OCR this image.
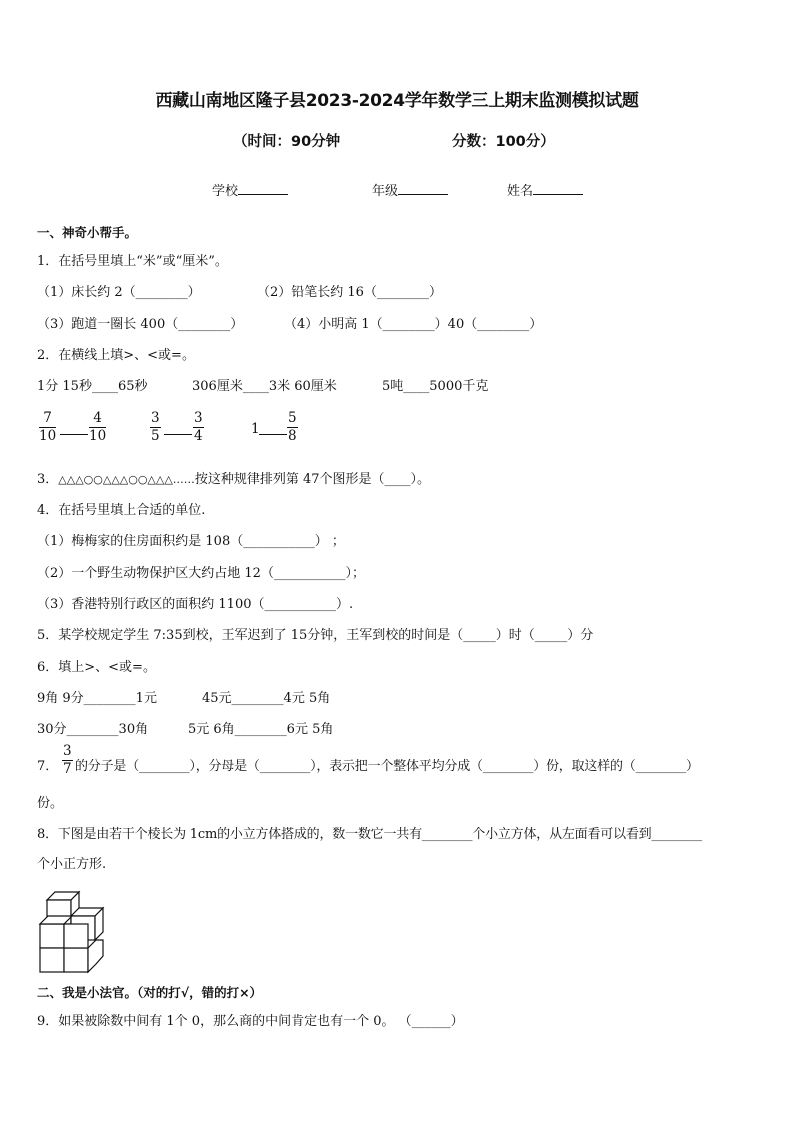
西藏山南地区隆子县2023-2024学年数学三上期末监测模拟试题
（时间：90分钟	分数：100分）
学校	年级	姓名
一、神奇小帮手。
1．在括号里填上“米”或“厘米”。
（1）床长约 2（________）	（2）铅笔长约 16（________）
（3）跑道一圈长 400（________）	（4）小明高 1（________）40（________）
2．在横线上填>、<或=。
1分 15秒____65秒	306厘米____3米 60厘米	5吨____5000千克
$\frac{7}{10} \frac{4}{10}$	$\frac{3}{5} \frac{3}{4}$	$1 \frac{5}{8}$
3．△△△○○△△△○○△△△……按这种规律排列第 47个图形是（____）。
4．在括号里填上合适的单位.
（1）梅梅家的住房面积约是 108（___________） ；
（2）一个野生动物保护区大约占地 12（___________）；
（3）香港特别行政区的面积约 1100（___________）.
5．某学校规定学生 7:35到校，王军迟到了 15分钟，王军到校的时间是（_____）时（_____）分
6．填上>、<或=。
9角 9分________1元	45元________4元 5角
30分________30角	5元 6角________6元 5角
7． $\frac{3}{7}$ 的分子是（________），分母是（________），表示把一个整体平均分成（________）份，取这样的（________）
份。
8．下图是由若干个棱长为 1cm的小立方体搭成的，数一数它一共有________个小立方体，从左面看可以看到________
个小正方形.
二、我是小法官。（对的打√，错的打×）
9．如果被除数中间有 1个 0，那么商的中间肯定也有一个 0。 （______）
